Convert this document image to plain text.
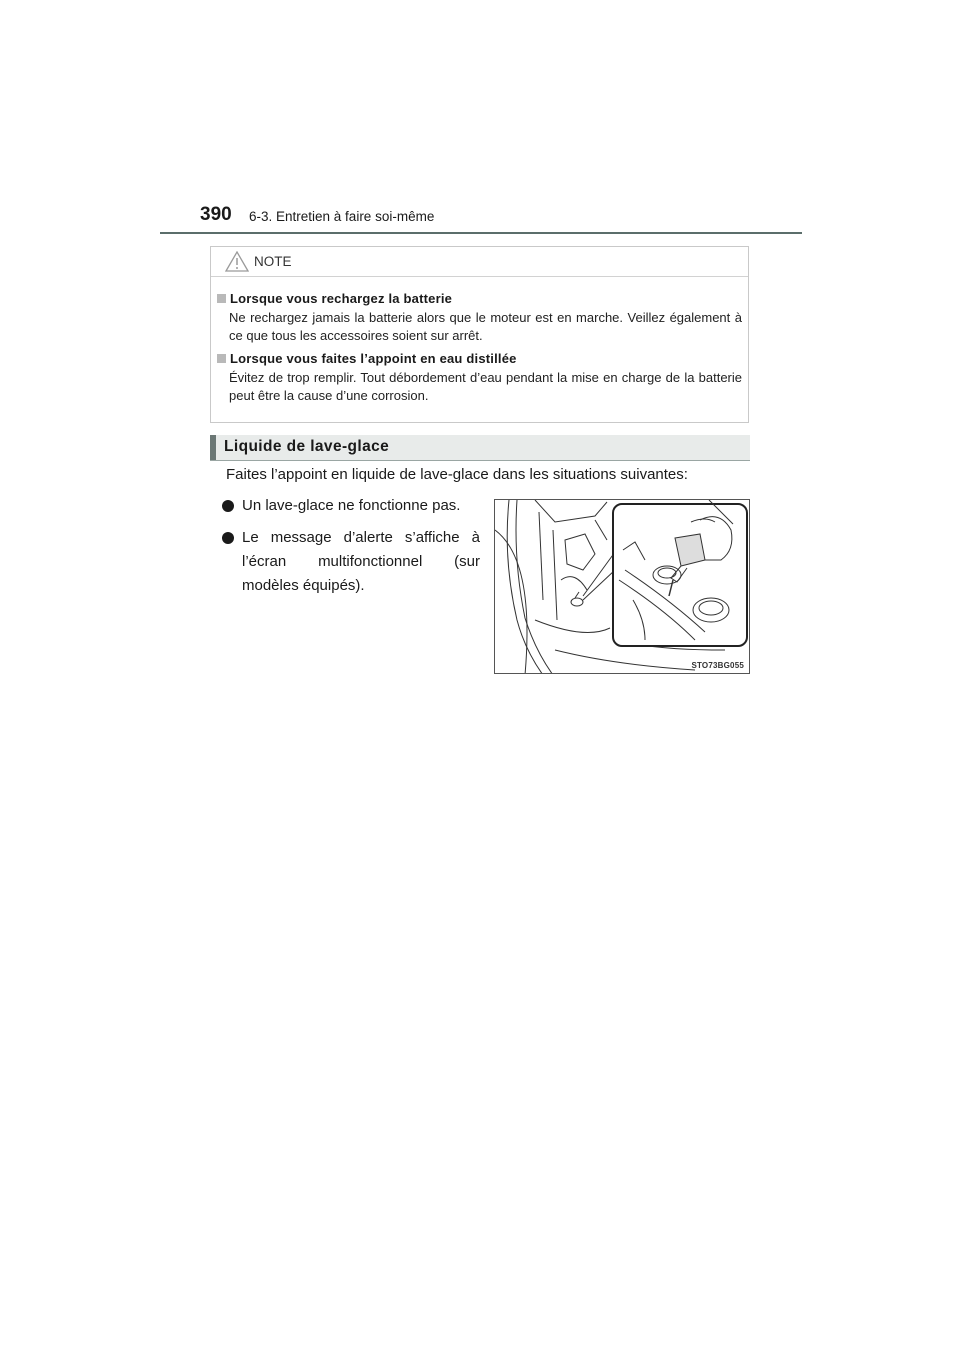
390 6-3. Entretien à faire soi-même
NOTE
Lorsque vous rechargez la batterie
Ne rechargez jamais la batterie alors que le moteur est en marche. Veillez également à ce que tous les accessoires soient sur arrêt.
Lorsque vous faites l’appoint en eau distillée
Évitez de trop remplir. Tout débordement d’eau pendant la mise en charge de la batterie peut être la cause d’une corrosion.
Liquide de lave-glace
Faites l’appoint en liquide de lave-glace dans les situations suivantes:
Un lave-glace ne fonctionne pas.
Le message d’alerte s’affiche à l’écran multifonctionnel (sur modèles équipés).
STO73BG055
